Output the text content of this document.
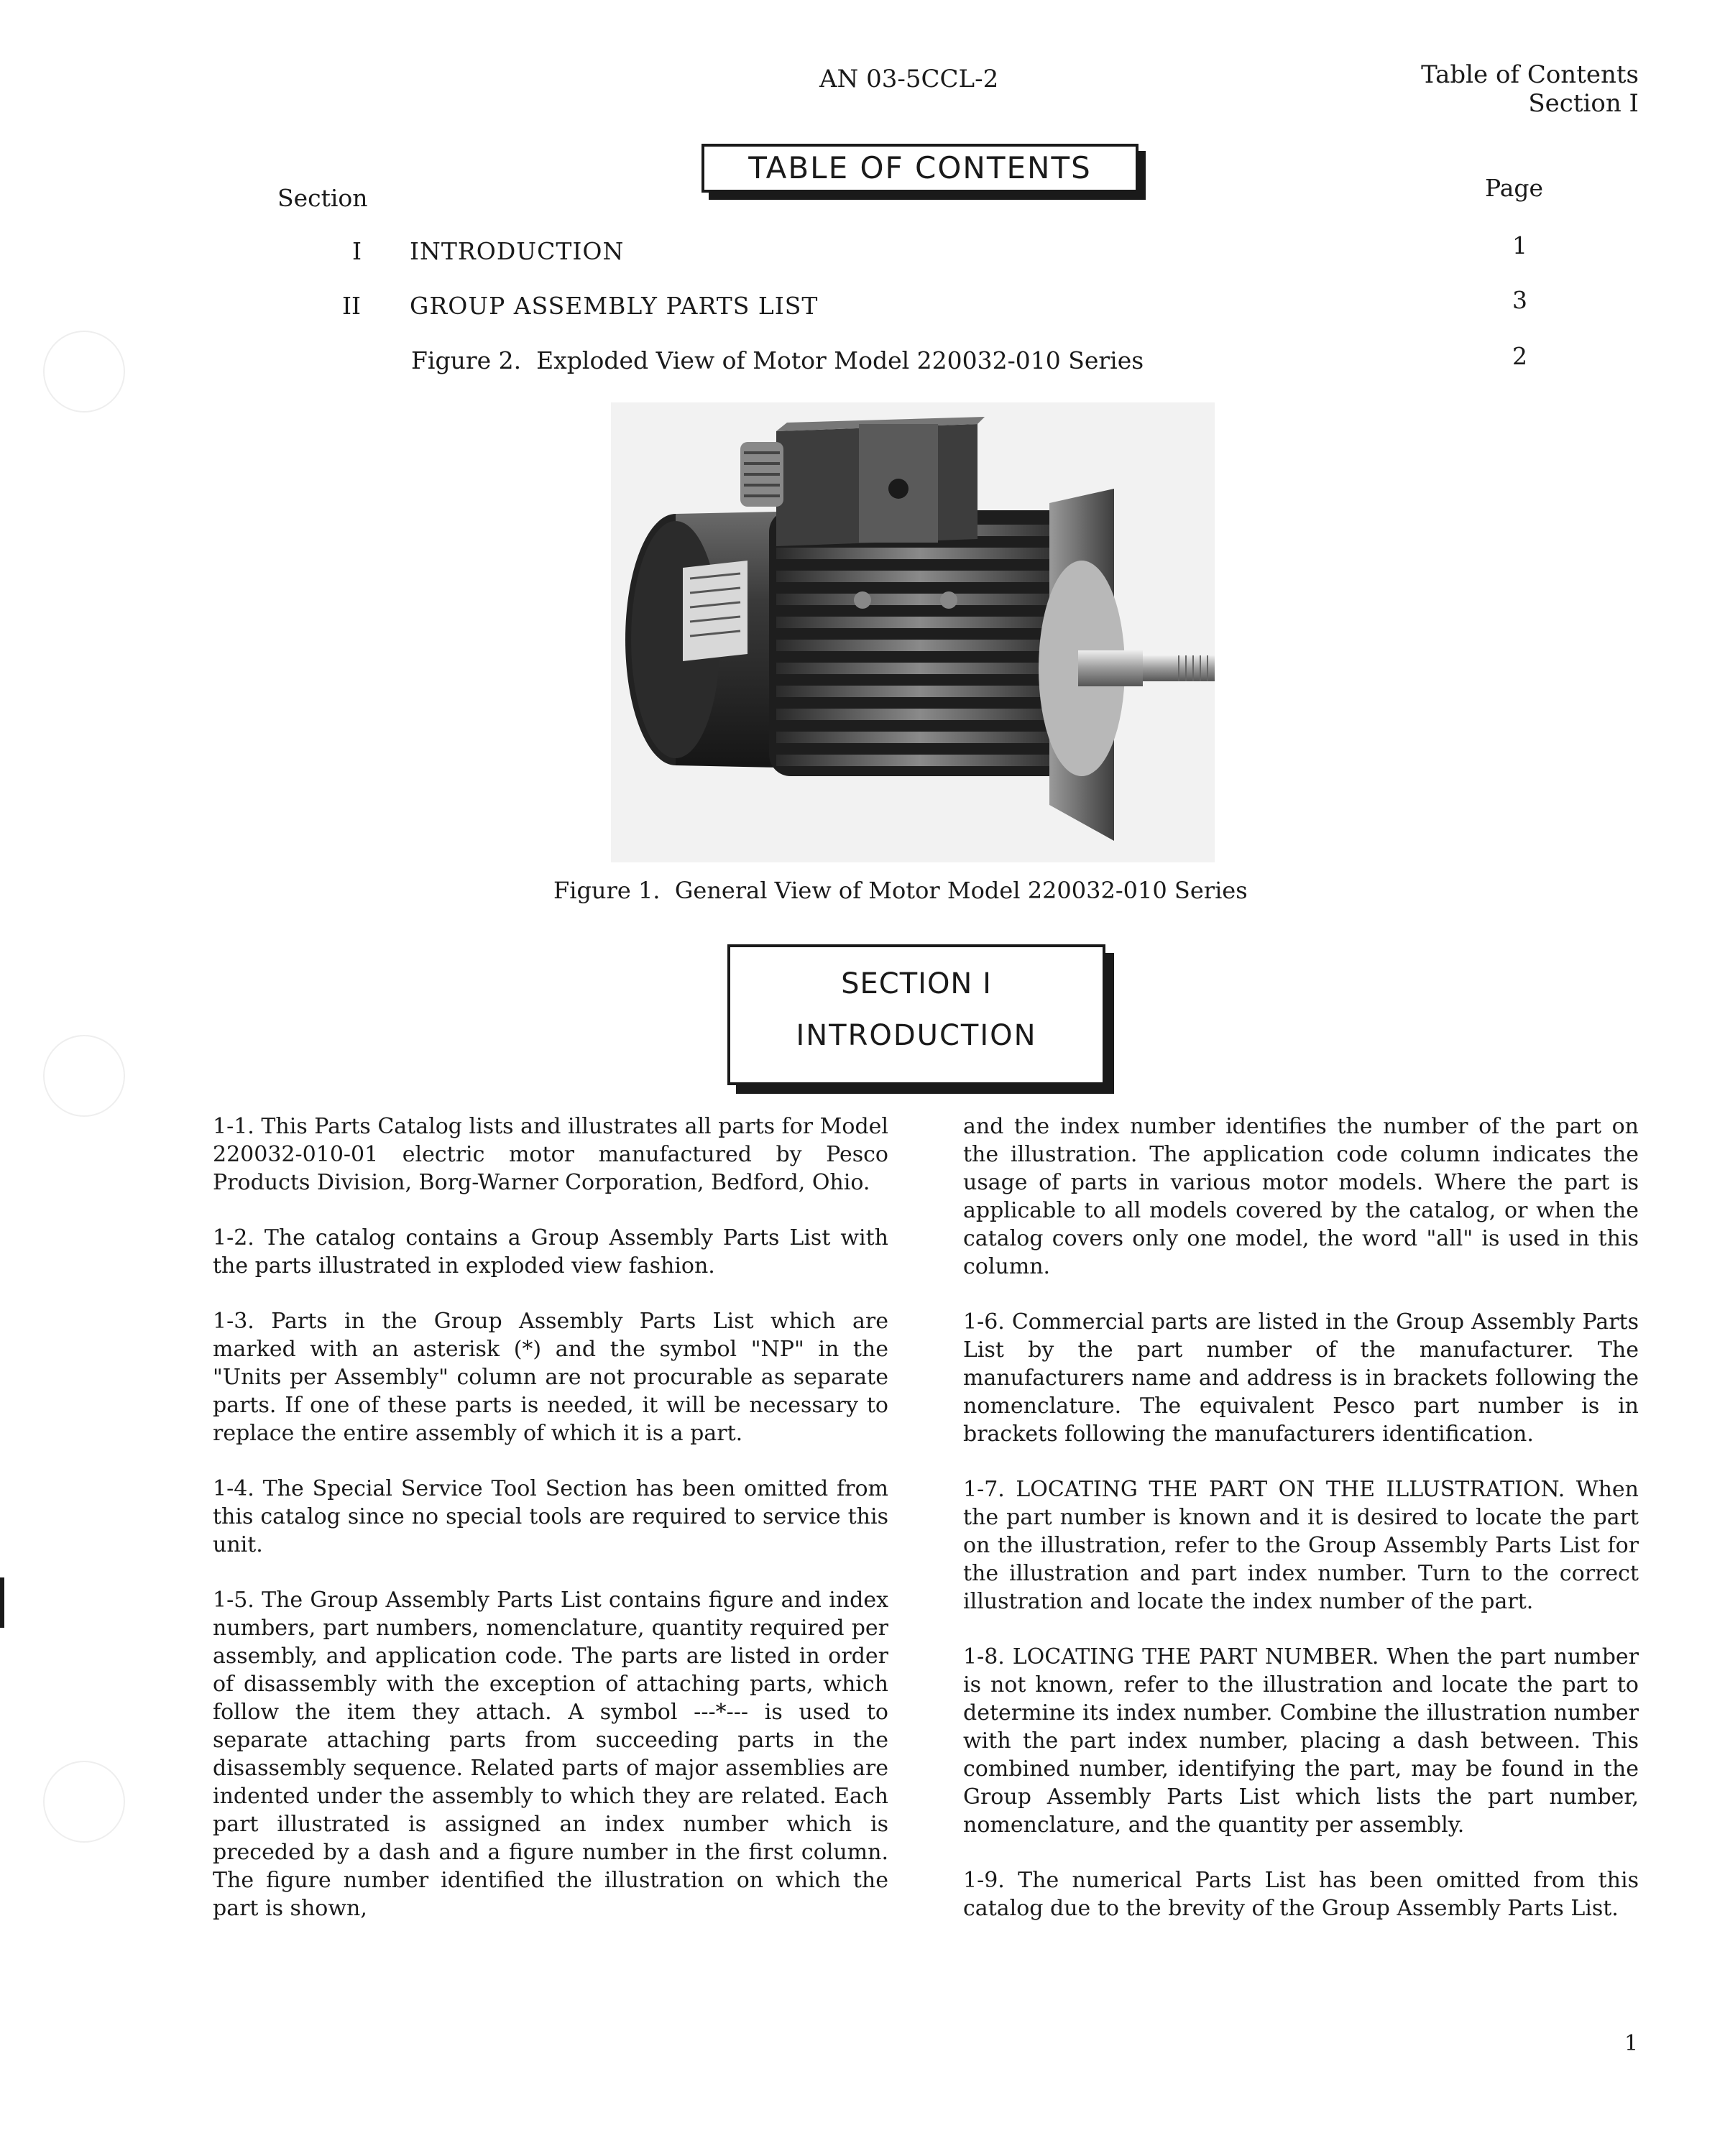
AN 03-5CCL-2	Table of Contents
Section I
TABLE OF CONTENTS
Section	Page
I INTRODUCTION	1
II GROUP ASSEMBLY PARTS LIST	3
Figure 2.  Exploded View of Motor Model 220032-010 Series	2
Figure 1.  General View of Motor Model 220032-010 Series
SECTION I
INTRODUCTION

1-1. This Parts Catalog lists and illustrates all parts for Model 220032-010-01 electric motor manufactured by Pesco Products Division, Borg-Warner Corporation, Bedford, Ohio.

1-2. The catalog contains a Group Assembly Parts List with the parts illustrated in exploded view fashion.

1-3. Parts in the Group Assembly Parts List which are marked with an asterisk (*) and the symbol "NP" in the "Units per Assembly" column are not procurable as separate parts. If one of these parts is needed, it will be necessary to replace the entire assembly of which it is a part.

1-4. The Special Service Tool Section has been omitted from this catalog since no special tools are required to service this unit.

1-5. The Group Assembly Parts List contains figure and index numbers, part numbers, nomenclature, quantity required per assembly, and application code. The parts are listed in order of disassembly with the exception of attaching parts, which follow the item they attach. A symbol ---*--- is used to separate attaching parts from succeeding parts in the disassembly sequence. Related parts of major assemblies are indented under the assembly to which they are related. Each part illustrated is assigned an index number which is preceded by a dash and a figure number in the first column. The figure number identified the illustration on which the part is shown,

and the index number identifies the number of the part on the illustration. The application code column indicates the usage of parts in various motor models. Where the part is applicable to all models covered by the catalog, or when the catalog covers only one model, the word "all" is used in this column.

1-6. Commercial parts are listed in the Group Assembly Parts List by the part number of the manufacturer. The manufacturers name and address is in brackets following the nomenclature. The equivalent Pesco part number is in brackets following the manufacturers identification.

1-7. LOCATING THE PART ON THE ILLUSTRATION. When the part number is known and it is desired to locate the part on the illustration, refer to the Group Assembly Parts List for the illustration and part index number. Turn to the correct illustration and locate the index number of the part.

1-8. LOCATING THE PART NUMBER. When the part number is not known, refer to the illustration and locate the part to determine its index number. Combine the illustration number with the part index number, placing a dash between. This combined number, identifying the part, may be found in the Group Assembly Parts List which lists the part number, nomenclature, and the quantity per assembly.

1-9. The numerical Parts List has been omitted from this catalog due to the brevity of the Group Assembly Parts List.

1
